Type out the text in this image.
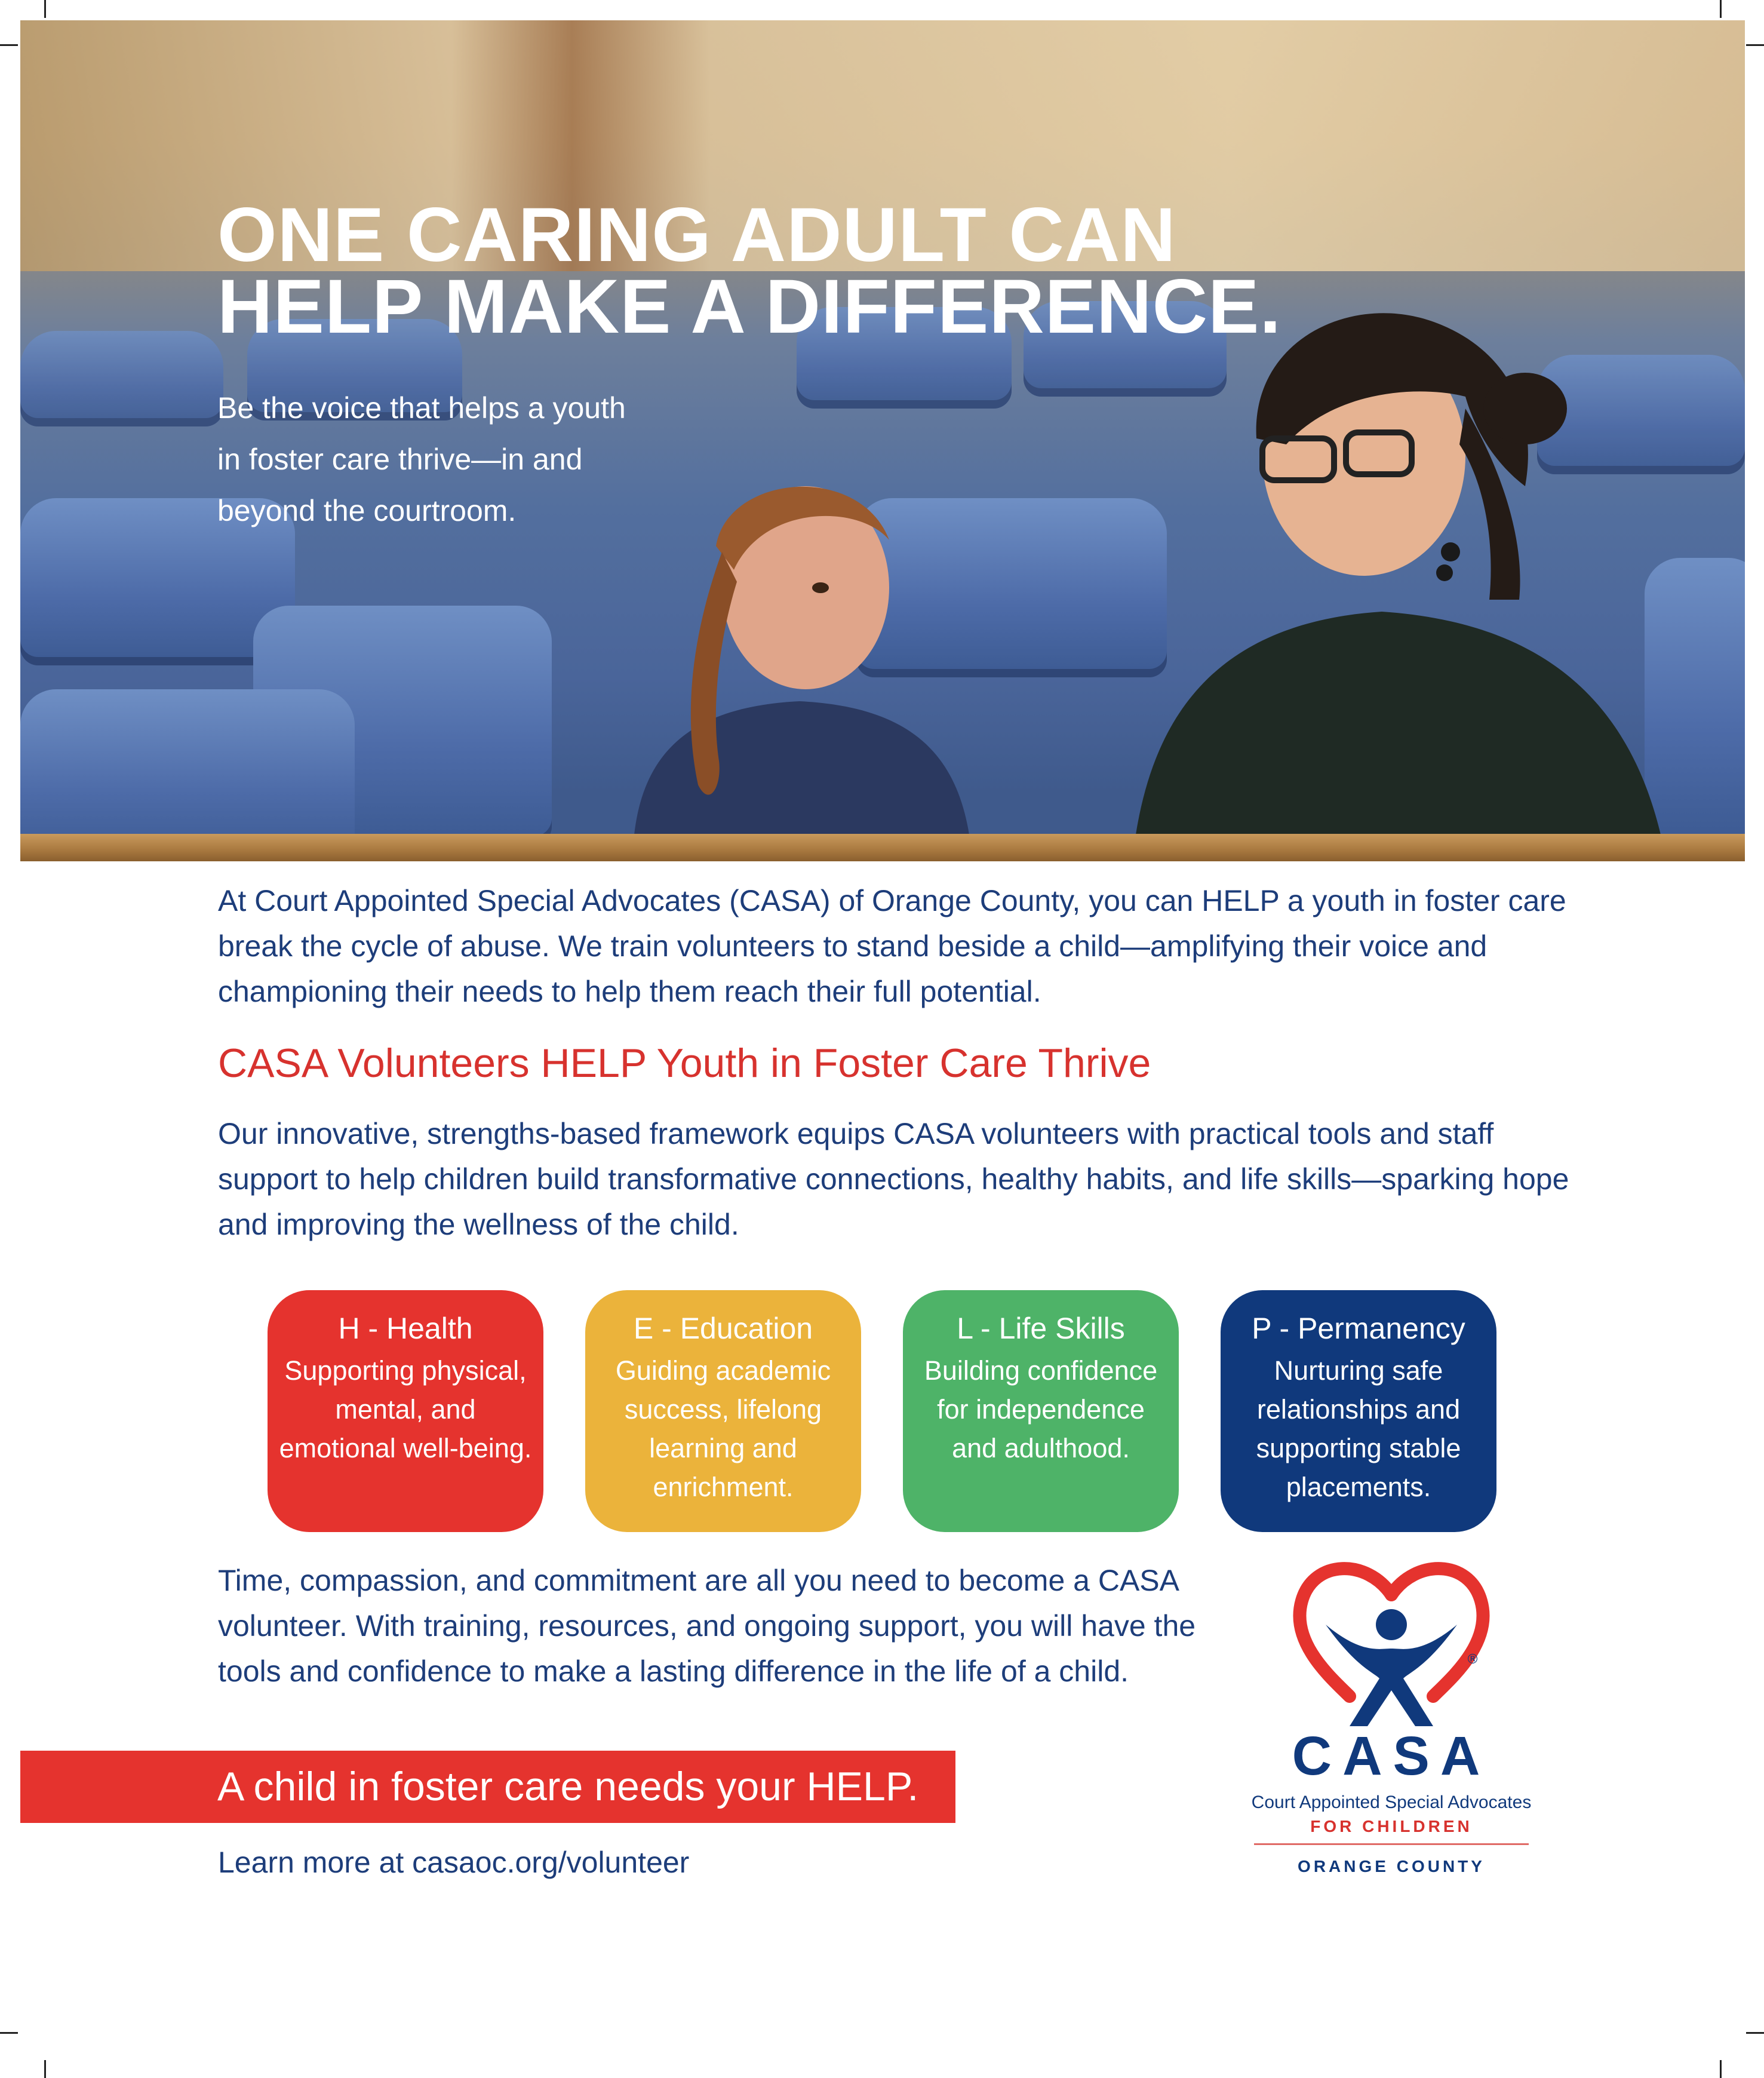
ONE CARING ADULT CAN
HELP MAKE A DIFFERENCE.

Be the voice that helps a youth
in foster care thrive—in and
beyond the courtroom.

At Court Appointed Special Advocates (CASA) of Orange County, you can HELP a youth in foster care break the cycle of abuse. We train volunteers to stand beside a child—amplifying their voice and championing their needs to help them reach their full potential.

CASA Volunteers HELP Youth in Foster Care Thrive

Our innovative, strengths-based framework equips CASA volunteers with practical tools and staff support to help children build transformative connections, healthy habits, and life skills—sparking hope and improving the wellness of the child.

H - Health
Supporting physical, mental, and emotional well-being.
E - Education
Guiding academic success, lifelong learning and enrichment.
L - Life Skills
Building confidence for independence and adulthood.
P - Permanency
Nurturing safe relationships and supporting stable placements.

Time, compassion, and commitment are all you need to become a CASA volunteer. With training, resources, and ongoing support, you will have the tools and confidence to make a lasting difference in the life of a child.

A child in foster care needs your HELP.

Learn more at casaoc.org/volunteer

®

CASA

Court Appointed Special Advocates

FOR CHILDREN

ORANGE COUNTY
